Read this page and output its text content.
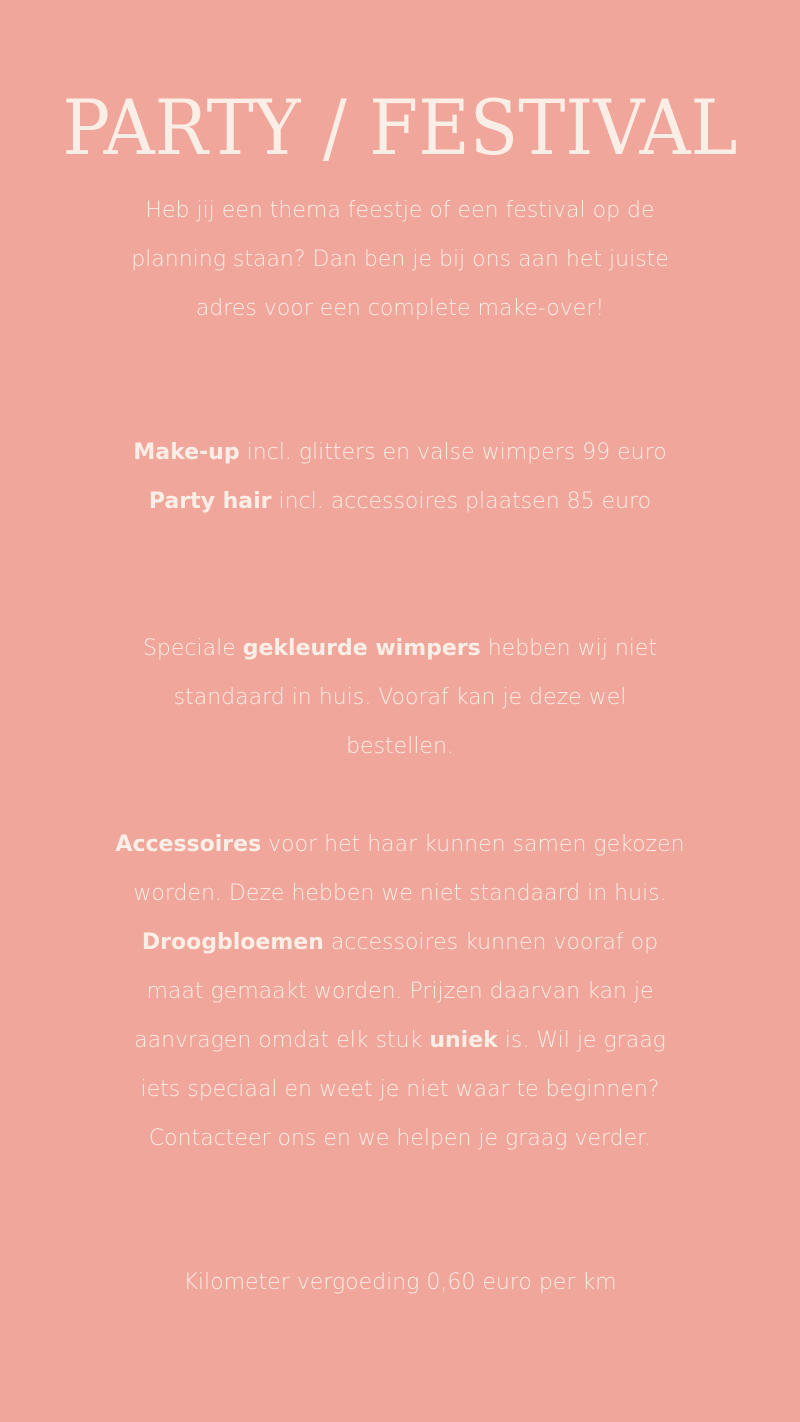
PARTY / FESTIVAL
Heb jij een thema feestje of een festival op de
planning staan? Dan ben je bij ons aan het juiste
adres voor een complete make-over!
Make-up incl. glitters en valse wimpers 99 euro
Party hair incl. accessoires plaatsen 85 euro
Speciale gekleurde wimpers hebben wij niet
standaard in huis. Vooraf kan je deze wel
bestellen.
Accessoires voor het haar kunnen samen gekozen
worden. Deze hebben we niet standaard in huis.
Droogbloemen accessoires kunnen vooraf op
maat gemaakt worden. Prijzen daarvan kan je
aanvragen omdat elk stuk uniek is. Wil je graag
iets speciaal en weet je niet waar te beginnen?
Contacteer ons en we helpen je graag verder.
Kilometer vergoeding 0,60 euro per km
